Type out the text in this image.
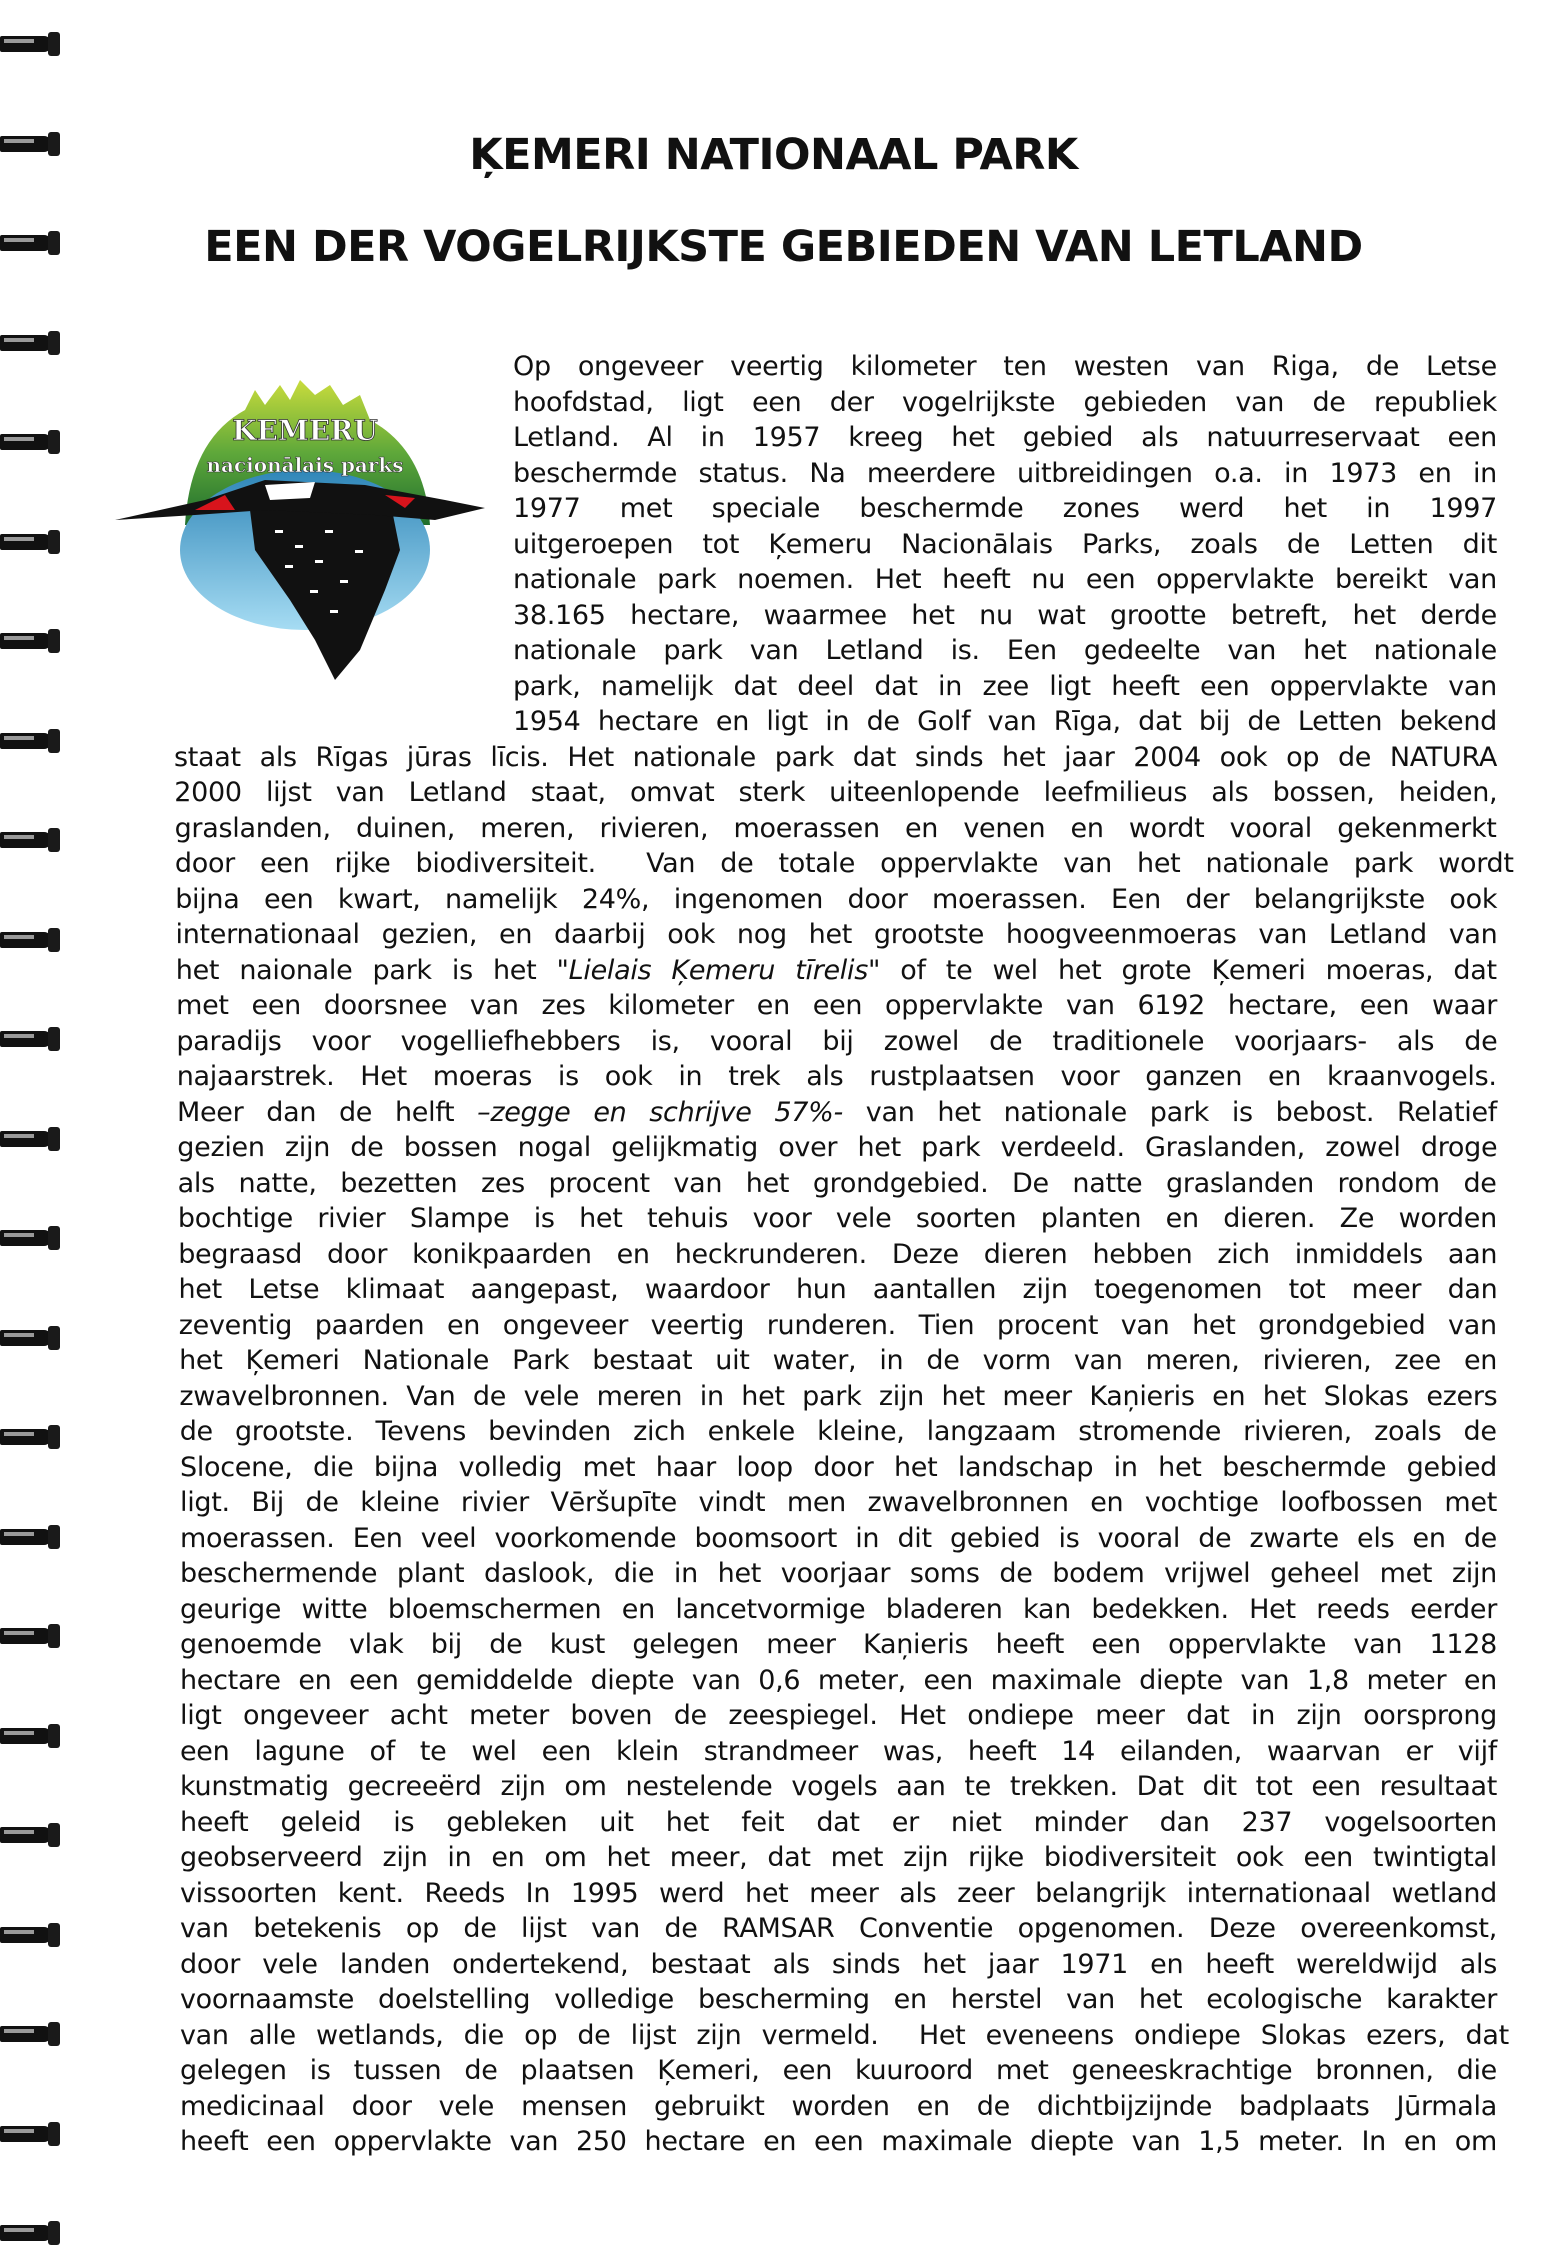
ĶEMERI NATIONAAL PARK
EEN DER VOGELRIJKSTE GEBIEDEN VAN LETLAND
KEMERU
nacionālais parks
Op ongeveer veertig kilometer ten westen van Riga, de Letse
hoofdstad, ligt een der vogelrijkste gebieden van de republiek
Letland. Al in 1957 kreeg het gebied als natuurreservaat een
beschermde status. Na meerdere uitbreidingen o.a. in 1973 en in
1977 met speciale beschermde zones werd het in 1997
uitgeroepen tot Ķemeru Nacionālais Parks, zoals de Letten dit
nationale park noemen. Het heeft nu een oppervlakte bereikt van
38.165 hectare, waarmee het nu wat grootte betreft, het derde
nationale park van Letland is. Een gedeelte van het nationale
park, namelijk dat deel dat in zee ligt heeft een oppervlakte van
1954 hectare en ligt in de Golf van Rīga, dat bij de Letten bekend
staat als Rīgas jūras līcis. Het nationale park dat sinds het jaar 2004 ook op de NATURA
2000 lijst van Letland staat, omvat sterk uiteenlopende leefmilieus als bossen, heiden,
graslanden, duinen, meren, rivieren, moerassen en venen en wordt vooral gekenmerkt
door een rijke biodiversiteit.  Van de totale oppervlakte van het nationale park wordt
bijna een kwart, namelijk 24%, ingenomen door moerassen. Een der belangrijkste ook
internationaal gezien, en daarbij ook nog het grootste hoogveenmoeras van Letland van
het naionale park is het "Lielais Ķemeru tīrelis" of te wel het grote Ķemeri moeras, dat
met een doorsnee van zes kilometer en een oppervlakte van 6192 hectare, een waar
paradijs voor vogelliefhebbers is, vooral bij zowel de traditionele voorjaars- als de
najaarstrek. Het moeras is ook in trek als rustplaatsen voor ganzen en kraanvogels.
Meer dan de helft –zegge en schrijve 57%- van het nationale park is bebost. Relatief
gezien zijn de bossen nogal gelijkmatig over het park verdeeld. Graslanden, zowel droge
als natte, bezetten zes procent van het grondgebied. De natte graslanden rondom de
bochtige rivier Slampe is het tehuis voor vele soorten planten en dieren. Ze worden
begraasd door konikpaarden en heckrunderen. Deze dieren hebben zich inmiddels aan
het Letse klimaat aangepast, waardoor hun aantallen zijn toegenomen tot meer dan
zeventig paarden en ongeveer veertig runderen. Tien procent van het grondgebied van
het Ķemeri Nationale Park bestaat uit water, in de vorm van meren, rivieren, zee en
zwavelbronnen. Van de vele meren in het park zijn het meer Kaņieris en het Slokas ezers
de grootste. Tevens bevinden zich enkele kleine, langzaam stromende rivieren, zoals de
Slocene, die bijna volledig met haar loop door het landschap in het beschermde gebied
ligt. Bij de kleine rivier Vēršupīte vindt men zwavelbronnen en vochtige loofbossen met
moerassen. Een veel voorkomende boomsoort in dit gebied is vooral de zwarte els en de
beschermende plant daslook, die in het voorjaar soms de bodem vrijwel geheel met zijn
geurige witte bloemschermen en lancetvormige bladeren kan bedekken. Het reeds eerder
genoemde vlak bij de kust gelegen meer Kaņieris heeft een oppervlakte van 1128
hectare en een gemiddelde diepte van 0,6 meter, een maximale diepte van 1,8 meter en
ligt ongeveer acht meter boven de zeespiegel. Het ondiepe meer dat in zijn oorsprong
een lagune of te wel een klein strandmeer was, heeft 14 eilanden, waarvan er vijf
kunstmatig gecreeërd zijn om nestelende vogels aan te trekken. Dat dit tot een resultaat
heeft geleid is gebleken uit het feit dat er niet minder dan 237 vogelsoorten
geobserveerd zijn in en om het meer, dat met zijn rijke biodiversiteit ook een twintigtal
vissoorten kent. Reeds In 1995 werd het meer als zeer belangrijk internationaal wetland
van betekenis op de lijst van de RAMSAR Conventie opgenomen. Deze overeenkomst,
door vele landen ondertekend, bestaat als sinds het jaar 1971 en heeft wereldwijd als
voornaamste doelstelling volledige bescherming en herstel van het ecologische karakter
van alle wetlands, die op de lijst zijn vermeld.  Het eveneens ondiepe Slokas ezers, dat
gelegen is tussen de plaatsen Ķemeri, een kuuroord met geneeskrachtige bronnen, die
medicinaal door vele mensen gebruikt worden en de dichtbijzijnde badplaats Jūrmala
heeft een oppervlakte van 250 hectare en een maximale diepte van 1,5 meter. In en om
